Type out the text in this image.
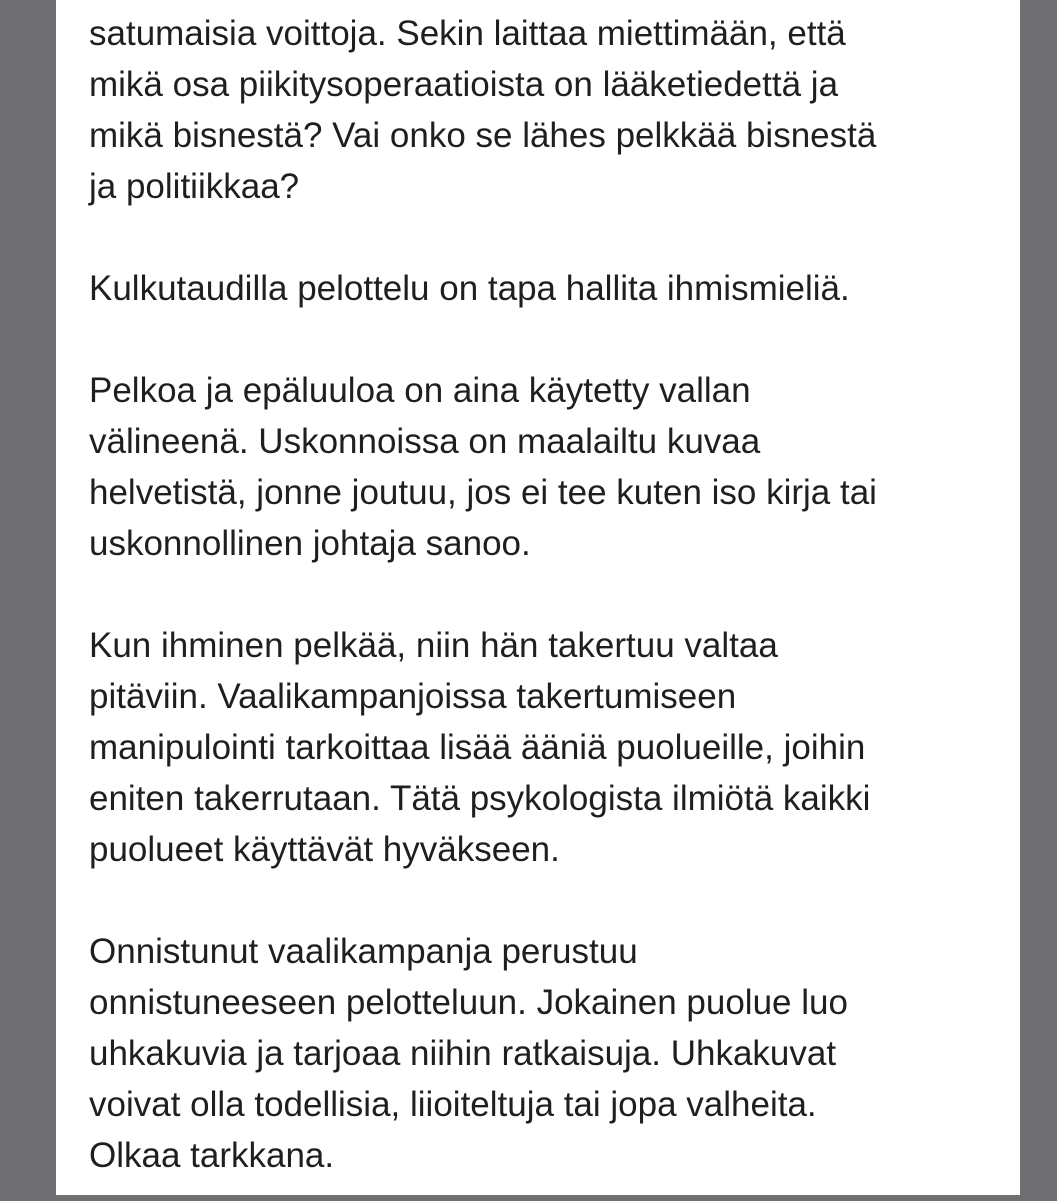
satumaisia voittoja. Sekin laittaa miettimään, että
mikä osa piikitysoperaatioista on lääketiedettä ja
mikä bisnestä? Vai onko se lähes pelkkää bisnestä
ja politiikkaa?
Kulkutaudilla pelottelu on tapa hallita ihmismieliä.
Pelkoa ja epäluuloa on aina käytetty vallan
välineenä. Uskonnoissa on maalailtu kuvaa
helvetistä, jonne joutuu, jos ei tee kuten iso kirja tai
uskonnollinen johtaja sanoo.
Kun ihminen pelkää, niin hän takertuu valtaa
pitäviin. Vaalikampanjoissa takertumiseen
manipulointi tarkoittaa lisää ääniä puolueille, joihin
eniten takerrutaan. Tätä psykologista ilmiötä kaikki
puolueet käyttävät hyväkseen.
Onnistunut vaalikampanja perustuu
onnistuneeseen pelotteluun. Jokainen puolue luo
uhkakuvia ja tarjoaa niihin ratkaisuja. Uhkakuvat
voivat olla todellisia, liioiteltuja tai jopa valheita.
Olkaa tarkkana.
